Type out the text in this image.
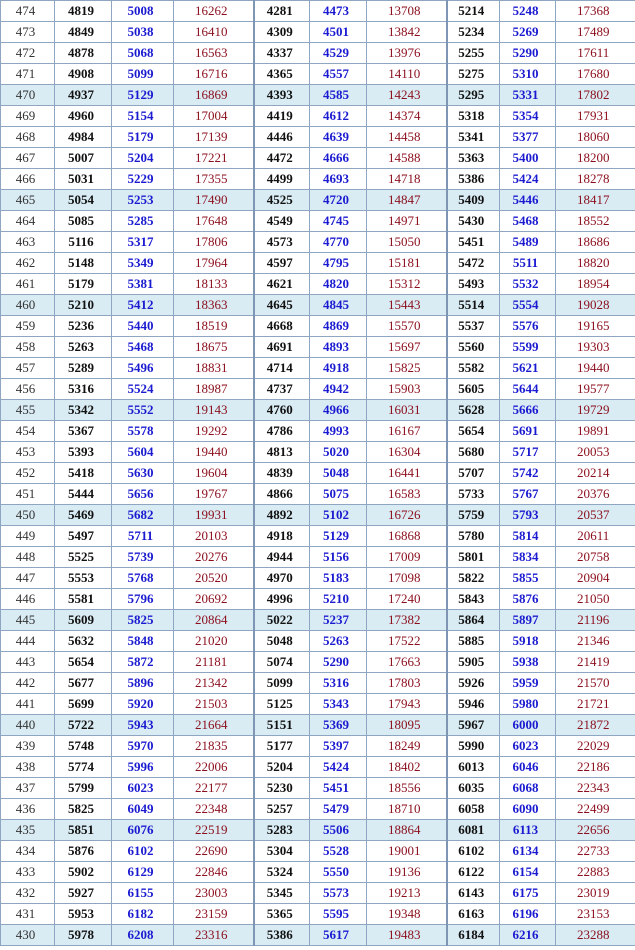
474	4819	5008	16262	4281	4473	13708	5214	5248	17368
473	4849	5038	16410	4309	4501	13842	5234	5269	17489
472	4878	5068	16563	4337	4529	13976	5255	5290	17611
471	4908	5099	16716	4365	4557	14110	5275	5310	17680
470	4937	5129	16869	4393	4585	14243	5295	5331	17802
469	4960	5154	17004	4419	4612	14374	5318	5354	17931
468	4984	5179	17139	4446	4639	14458	5341	5377	18060
467	5007	5204	17221	4472	4666	14588	5363	5400	18200
466	5031	5229	17355	4499	4693	14718	5386	5424	18278
465	5054	5253	17490	4525	4720	14847	5409	5446	18417
464	5085	5285	17648	4549	4745	14971	5430	5468	18552
463	5116	5317	17806	4573	4770	15050	5451	5489	18686
462	5148	5349	17964	4597	4795	15181	5472	5511	18820
461	5179	5381	18133	4621	4820	15312	5493	5532	18954
460	5210	5412	18363	4645	4845	15443	5514	5554	19028
459	5236	5440	18519	4668	4869	15570	5537	5576	19165
458	5263	5468	18675	4691	4893	15697	5560	5599	19303
457	5289	5496	18831	4714	4918	15825	5582	5621	19440
456	5316	5524	18987	4737	4942	15903	5605	5644	19577
455	5342	5552	19143	4760	4966	16031	5628	5666	19729
454	5367	5578	19292	4786	4993	16167	5654	5691	19891
453	5393	5604	19440	4813	5020	16304	5680	5717	20053
452	5418	5630	19604	4839	5048	16441	5707	5742	20214
451	5444	5656	19767	4866	5075	16583	5733	5767	20376
450	5469	5682	19931	4892	5102	16726	5759	5793	20537
449	5497	5711	20103	4918	5129	16868	5780	5814	20611
448	5525	5739	20276	4944	5156	17009	5801	5834	20758
447	5553	5768	20520	4970	5183	17098	5822	5855	20904
446	5581	5796	20692	4996	5210	17240	5843	5876	21050
445	5609	5825	20864	5022	5237	17382	5864	5897	21196
444	5632	5848	21020	5048	5263	17522	5885	5918	21346
443	5654	5872	21181	5074	5290	17663	5905	5938	21419
442	5677	5896	21342	5099	5316	17803	5926	5959	21570
441	5699	5920	21503	5125	5343	17943	5946	5980	21721
440	5722	5943	21664	5151	5369	18095	5967	6000	21872
439	5748	5970	21835	5177	5397	18249	5990	6023	22029
438	5774	5996	22006	5204	5424	18402	6013	6046	22186
437	5799	6023	22177	5230	5451	18556	6035	6068	22343
436	5825	6049	22348	5257	5479	18710	6058	6090	22499
435	5851	6076	22519	5283	5506	18864	6081	6113	22656
434	5876	6102	22690	5304	5528	19001	6102	6134	22733
433	5902	6129	22846	5324	5550	19136	6122	6154	22883
432	5927	6155	23003	5345	5573	19213	6143	6175	23019
431	5953	6182	23159	5365	5595	19348	6163	6196	23153
430	5978	6208	23316	5386	5617	19483	6184	6216	23288
